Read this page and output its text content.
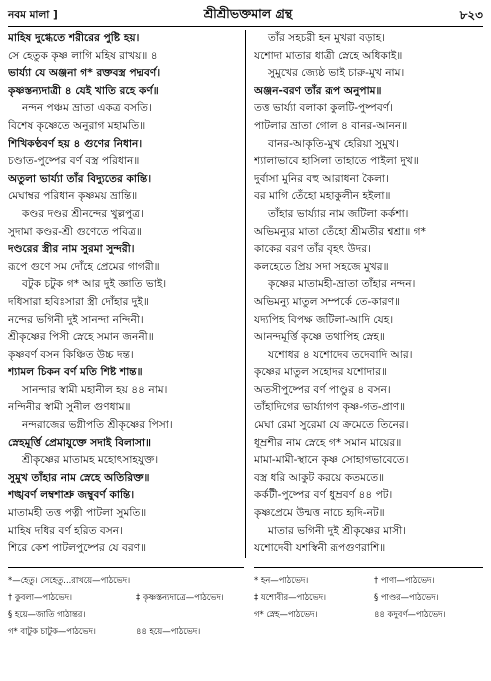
নবম মালা ]	শ্রীশ্রীভক্তমাল গ্রন্থ	৮২৩
মাহিষ দুগ্ধেতে শরীরের পুষ্টি হয়।
সে হেতুক কৃষ্ণ লাগি মহিষ রাখয়॥ ৪
ভার্য্যা যে অঞ্জনা গ* রক্তবস্ত্র পদ্মবর্ণ।
কৃষ্ণস্তন্যদাত্রী ৪ যেই খাতি রহে কর্ণ॥
নন্দন পঞ্চম ভ্রাতা একত্র বসতি।
বিশেষ কৃষ্ণেতে অনুরাগ মহামতি॥
শিখিকণ্ঠবর্ণ হয় ৪ গুণের নিধান।
চণ্ডাত-পুষ্পের বর্ণ বস্ত্র পরিধান॥
অতুলা ভার্য্যা তাঁর বিদ্যুতের কান্তি।
মেঘাম্বর পরিধান কৃষ্ণময় ভ্রান্তি॥
কণ্ডর দণ্ডর শ্রীনন্দের খুল্লপুত্র।
সুদামা কণ্ডর-শ্রী গুণেতে পবিত্র॥
দণ্ডরের স্ত্রীর নাম সুরমা সুন্দরী।
রূপে গুণে সম দোঁহে প্রেমের গাগরী॥
বটুক চটুক গ* আর দুই জ্ঞাতি ভাই।
দধিসারা হবিঃসারা স্ত্রী দোঁহার দুই॥
নন্দের ভগিনী দুই সানন্দা নন্দিনী।
শ্রীকৃষ্ণের পিসী স্নেহে সমান জননী॥
কৃষ্ণবর্ণ বসন কিঞ্চিত উচ্চ দন্ত।
শ্যামল চিকন বর্ণ মতি শিষ্ট শান্ত॥
সানন্দার স্বামী মহানীল হয় ৪৪ নাম।
নন্দিনীর স্বামী সুনীল গুণধাম॥
নন্দরাজের ভগ্নীপতি শ্রীকৃষ্ণের পিসা।
স্নেহমূর্ত্তি প্রেমাযুক্তে সদাই বিলাসা॥
শ্রীকৃষ্ণের মাতামহ মহোৎসাহযুক্ত।
সুমুখ তাঁহার নাম স্নেহে অতিরিক্ত॥
শঙ্খবর্ণ লম্বশাশ্রু জম্বুবর্ণ কান্তি।
মাতামহী তত্ত পত্নী পাটলা সুমতি॥
মাহিষ দধির বর্ণ হরিত বসন।
শিরে কেশ পাটলপুষ্পের যে বরণ॥
তাঁর সহচরী হন মুখরা বড়াহ।
যশোদা মাতার ধাত্রী স্নেহে অধিকাই॥
সুমুখের জ্যেষ্ঠ ভাই চারু-মুখ নাম।
অঞ্জন-বরণ তাঁর রূপ অনুপাম॥
তত্ত ভার্য্যা বলাকা কুলটি-পুষ্পবর্ণ।
পাটলার ভ্রাতা গোল ৪ বানর-আনন॥
বানর-আকৃতি-মুখ হেরিয়া সুমুখ।
শ্যালাভাবে হাসিলা তাহাতে পাইলা দুখ॥
দুর্বাসা মুনির বহু আরাধনা কৈলা।
বর মাগি তেঁহো মহাকুলীন হইলা॥
তাঁহার ভার্য্যার নাম জটিলা কর্কশা।
অভিমন্যুর মাতা তেঁহো শ্রীমতীর শ্বশ্রা॥ গ*
কাকের বরণ তাঁর বৃহৎ উদর।
কলহেতে প্রিয় সদা সহজে মুখর॥
কৃষ্ণের মাতামহী-ভ্রাতা তাঁহার নন্দন।
অভিমন্যু মাতুল সম্পর্কে তে-কারণ॥
যদ্যপিহ বিপক্ষ জটিলা-আদি যেহ।
আনন্দমূর্ত্তি কৃষ্ণে তথাপিহ স্নেহ॥
যশোধর ৪ যশোদেব তদেবাদি আর।
কৃষ্ণের মাতুল সহোদর যশোদার॥
অতসীপুষ্পের বর্ণ পাণ্ডুর ৪ বসন।
তাঁহাদিগের ভার্য্যাগণ কৃষ্ণ-গত-প্রাণ॥
মেঘা রেমা সুরেমা যে ক্রমেতে তিনের।
ধূম্রশীর নাম স্নেহে গ* সমান মায়ের॥
মামা-মামী-স্থানে কৃষ্ণ সোহাগভাবেতে।
বস্ত্র ধরি আকুট করয়ে কতমতে॥
কর্কটী-পুষ্পের বর্ণ ধুম্রবর্ণ ৪৪ পট।
কৃষ্ণপ্রেমে উন্মত্ত নাচে হৃদি-নট॥
মাতার ভগিনী দুই শ্রীকৃষ্ণের মাসী।
যশোদেবী যশস্বিনী রূপগুণরাশি॥
*—হেতু। সেহেতু...রাখয়ে—পাঠভেদ।
† কুবলা—পাঠভেদ।	‡ কৃষ্ণস্তন্যদাত্রে—পাঠভেদ।
§ হয়ে—জাতি গাঠান্তর।
গ* বাটুক চাটুক—পাঠভেদ।	৪৪ হয়ে—পাঠভেদ।
* হন—পাঠভেদ।	† পাণা—পাঠভেদ।
‡ যশোবীর—পাঠভেদ।	§ পাণ্ডর—পাঠভেদ।
গ* স্নেহ—পাঠভেদ।	৪৪ কদুবর্ণ—পাঠভেদ।
